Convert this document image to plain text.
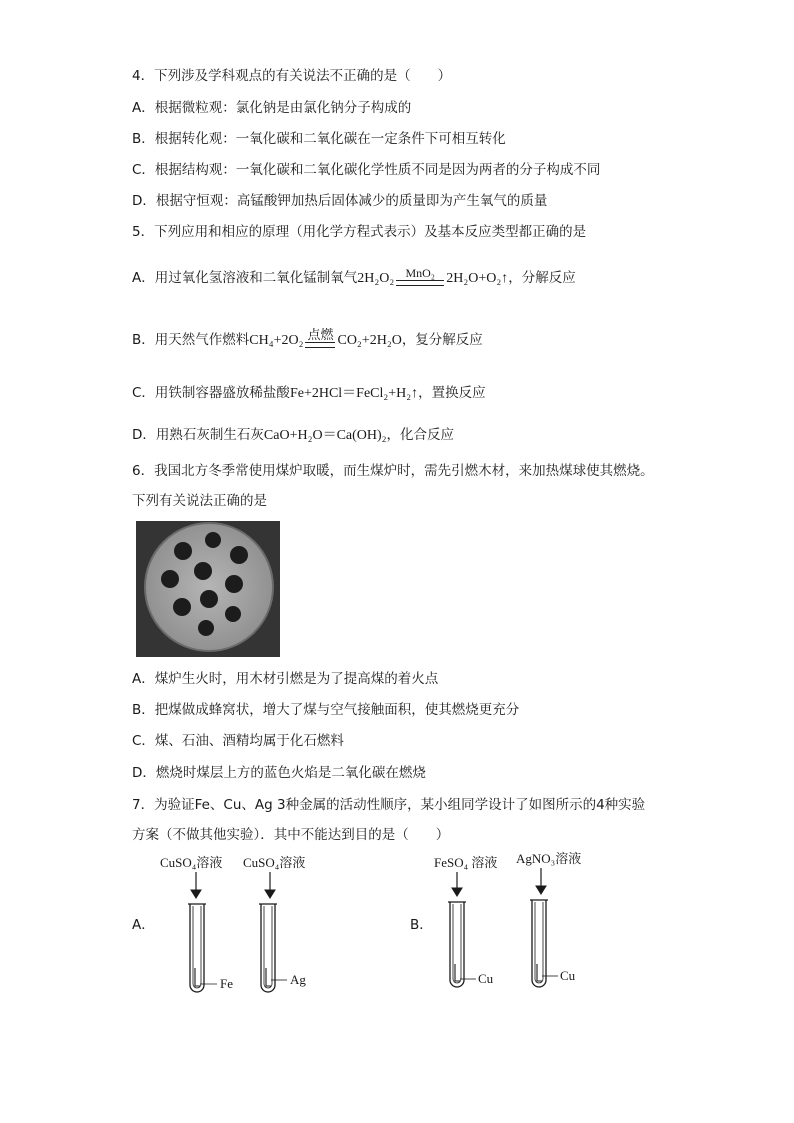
4．下列涉及学科观点的有关说法不正确的是（　　）
A．根据微粒观：氯化钠是由氯化钠分子构成的
B．根据转化观：一氧化碳和二氧化碳在一定条件下可相互转化
C．根据结构观：一氧化碳和二氧化碳化学性质不同是因为两者的分子构成不同
D．根据守恒观：高锰酸钾加热后固体减少的质量即为产生氧气的质量
5．下列应用和相应的原理（用化学方程式表示）及基本反应类型都正确的是
A．用过氧化氢溶液和二氧化锰制氧气2H₂O₂ MnO₂ 2H₂O+O₂↑，分解反应
B．用天然气作燃料CH₄+2O₂ 点燃 CO₂+2H₂O，复分解反应
C．用铁制容器盛放稀盐酸Fe+2HCl＝FeCl₂+H₂↑，置换反应
D．用熟石灰制生石灰CaO+H₂O＝Ca(OH)₂，化合反应
6．我国北方冬季常使用煤炉取暖，而生煤炉时，需先引燃木材，来加热煤球使其燃烧。
下列有关说法正确的是
A．煤炉生火时，用木材引燃是为了提高煤的着火点
B．把煤做成蜂窝状，增大了煤与空气接触面积，使其燃烧更充分
C．煤、石油、酒精均属于化石燃料
D．燃烧时煤层上方的蓝色火焰是二氧化碳在燃烧
7．为验证Fe、Cu、Ag 3种金属的活动性顺序，某小组同学设计了如图所示的4种实验
方案（不做其他实验）．其中不能达到目的是（　　）
A．	B．
CuSO₄溶液 CuSO₄溶液
Fe	Ag
FeSO₄ 溶液 AgNO₃溶液
Cu	Cu
